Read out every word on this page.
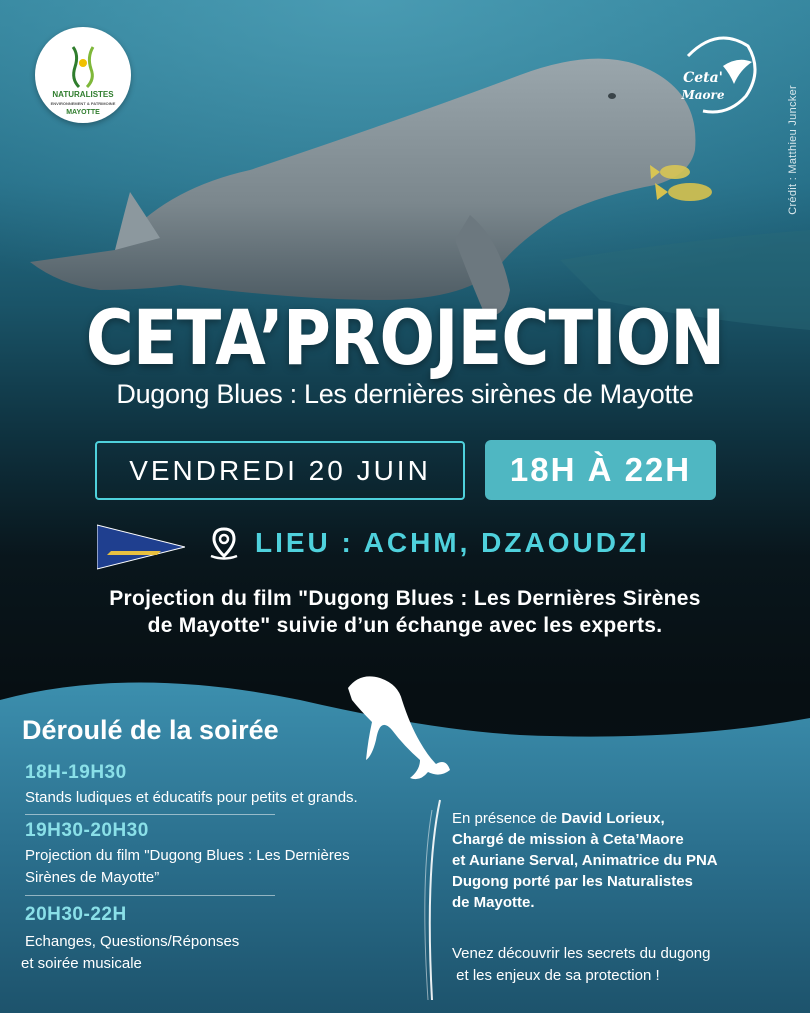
NATURALISTES
ENVIRONNEMENT & PATRIMOINE
MAYOTTE
Ceta'
Maore	Crédit : Matthieu Juncker
CETA’PROJECTION
Dugong Blues : Les dernières sirènes de Mayotte
VENDREDI 20 JUIN	18H À 22H
LIEU : ACHM, DZAOUDZI
Projection du film "Dugong Blues : Les Dernières Sirènes
de Mayotte" suivie d’un échange avec les experts.
Déroulé de la soirée
18H-19H30
Stands ludiques et éducatifs pour petits et grands.
19H30-20H30
Projection du film "Dugong Blues : Les Dernières
Sirènes de Mayotte”
20H30-22H
Echanges, Questions/Réponses
et soirée musicale
En présence de David Lorieux,
Chargé de mission à Ceta’Maore
et Auriane Serval, Animatrice du PNA
Dugong porté par les Naturalistes
de Mayotte.
Venez découvrir les secrets du dugong
et les enjeux de sa protection !
